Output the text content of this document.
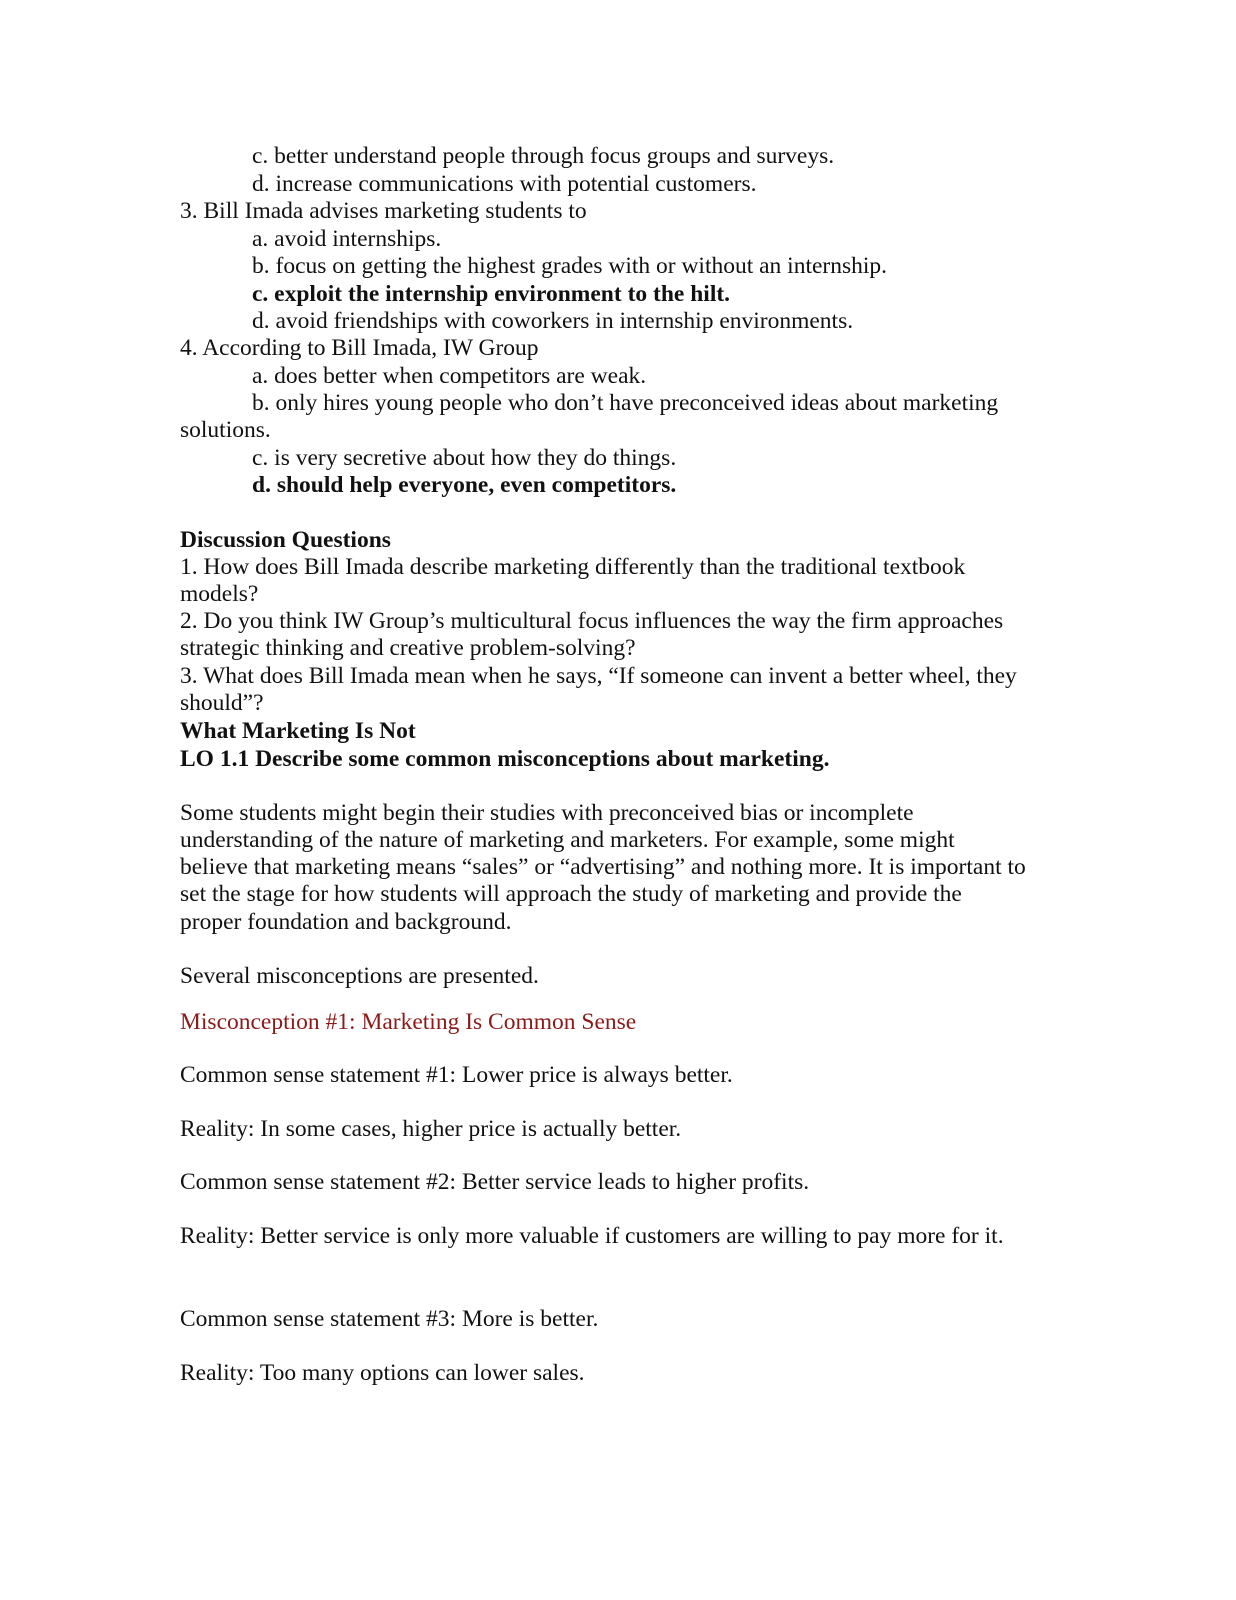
c. better understand people through focus groups and surveys.
d. increase communications with potential customers.
3. Bill Imada advises marketing students to
a. avoid internships.
b. focus on getting the highest grades with or without an internship.
c. exploit the internship environment to the hilt.
d. avoid friendships with coworkers in internship environments.
4. According to Bill Imada, IW Group
a. does better when competitors are weak.
b. only hires young people who don’t have preconceived ideas about marketing
solutions.
c. is very secretive about how they do things.
d. should help everyone, even competitors.
Discussion Questions
1. How does Bill Imada describe marketing differently than the traditional textbook
models?
2. Do you think IW Group’s multicultural focus influences the way the firm approaches
strategic thinking and creative problem-solving?
3. What does Bill Imada mean when he says, “If someone can invent a better wheel, they
should”?
What Marketing Is Not
LO 1.1 Describe some common misconceptions about marketing.
Some students might begin their studies with preconceived bias or incomplete
understanding of the nature of marketing and marketers. For example, some might
believe that marketing means “sales” or “advertising” and nothing more. It is important to
set the stage for how students will approach the study of marketing and provide the
proper foundation and background.
Several misconceptions are presented.
Misconception #1: Marketing Is Common Sense
Common sense statement #1: Lower price is always better.
Reality: In some cases, higher price is actually better.
Common sense statement #2: Better service leads to higher profits.
Reality: Better service is only more valuable if customers are willing to pay more for it.
Common sense statement #3: More is better.
Reality: Too many options can lower sales.
